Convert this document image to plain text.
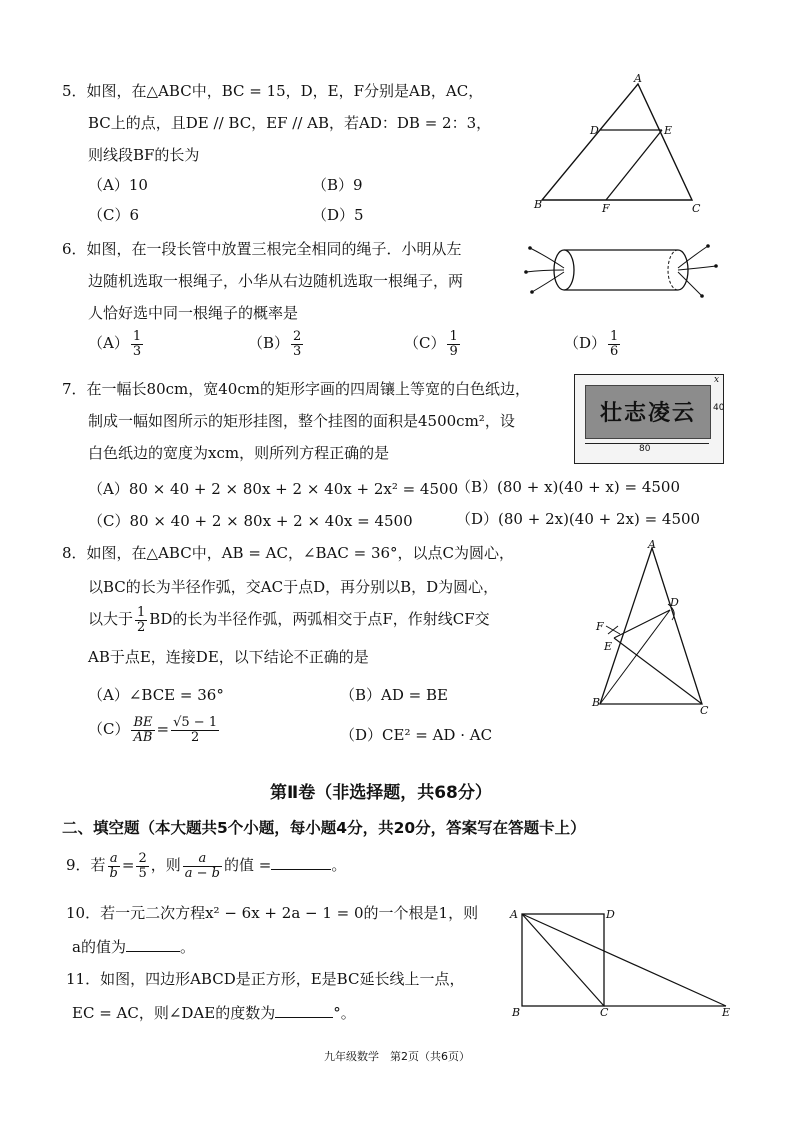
5．如图，在△ABC中，BC = 15，D，E，F分别是AB，AC，
BC上的点，且DE // BC，EF // AB，若AD：DB = 2：3，
则线段BF的长为
（A）10	（B）9
（C）6	（D）5
A
B	C
D	E
F
6．如图，在一段长管中放置三根完全相同的绳子．小明从左
边随机选取一根绳子，小华从右边随机选取一根绳子，两
人恰好选中同一根绳子的概率是
$(A) \frac{1}{3}$	$(B) \frac{2}{3}$	$(C) \frac{1}{9}$	$(D) \frac{1}{6}$
7．在一幅长80cm，宽40cm的矩形字画的四周镶上等宽的白色纸边，
制成一幅如图所示的矩形挂图，整个挂图的面积是4500cm²，设
白色纸边的宽度为xcm，则所列方程正确的是
（A）80 × 40 + 2 × 80x + 2 × 40x + 2x² = 4500
（B）(80 + x)(40 + x) = 4500
（C）80 × 40 + 2 × 80x + 2 × 40x = 4500	（D）(80 + 2x)(40 + 2x) = 4500
壮志凌云
80
40
x
8．如图，在△ABC中，AB = AC，∠BAC = 36°，以点C为圆心，
以BC的长为半径作弧，交AC于点D，再分别以B，D为圆心，
以大于 $\frac{1}{2}$ BD的长为半径作弧，两弧相交于点F，作射线CF交
AB于点E，连接DE，以下结论不正确的是
（A）∠BCE = 36°	（B）AD = BE
$(C) \frac{BE}{AB} = \frac{√5 - 1}{2}$	（D）CE² = AD · AC
A
B
C
D
E
F
第Ⅱ卷（非选择题，共68分）
二、填空题（本大题共5个小题，每小题4分，共20分，答案写在答题卡上）
9．若 $\frac{a}{b} = \frac{2}{5}$ ，则 $\frac{a}{a - b}$ 的值 =	。
10．若一元二次方程x² − 6x + 2a − 1 = 0的一个根是1，则
a的值为	。
11．如图，四边形ABCD是正方形，E是BC延长线上一点，
EC = AC，则∠DAE的度数为	°。
A
B	C
D
E
九年级数学　第2页（共6页）
